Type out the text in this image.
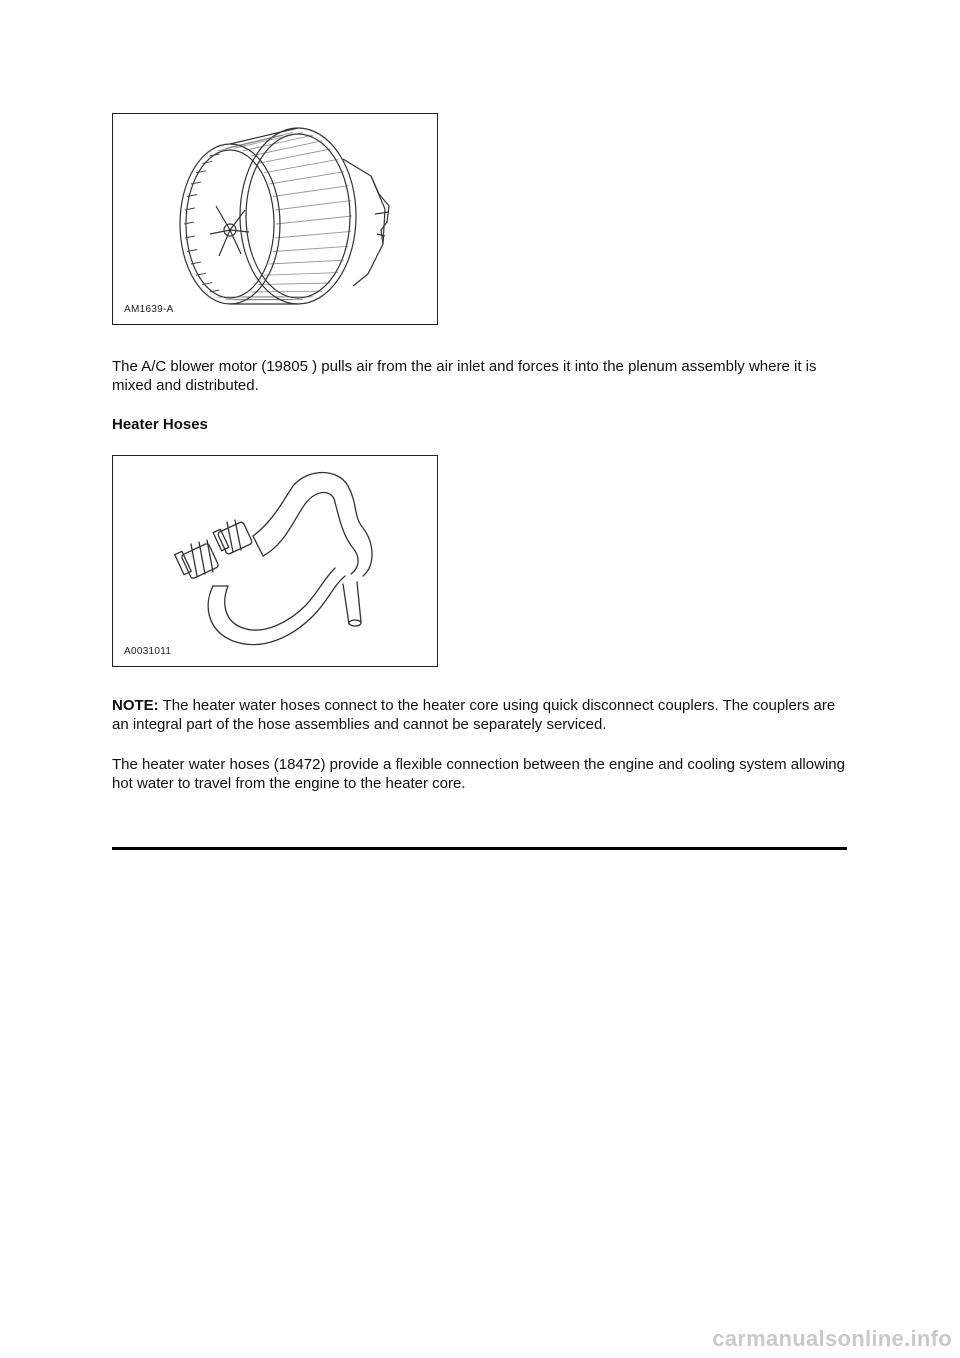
AM1639-A

The A/C blower motor (19805 ) pulls air from the air inlet and forces it into the plenum assembly where it is mixed and distributed.

Heater Hoses

A0031011

NOTE: The heater water hoses connect to the heater core using quick disconnect couplers. The couplers are an integral part of the hose assemblies and cannot be separately serviced.

The heater water hoses (18472) provide a flexible connection between the engine and cooling system allowing hot water to travel from the engine to the heater core.

carmanualsonline.info
